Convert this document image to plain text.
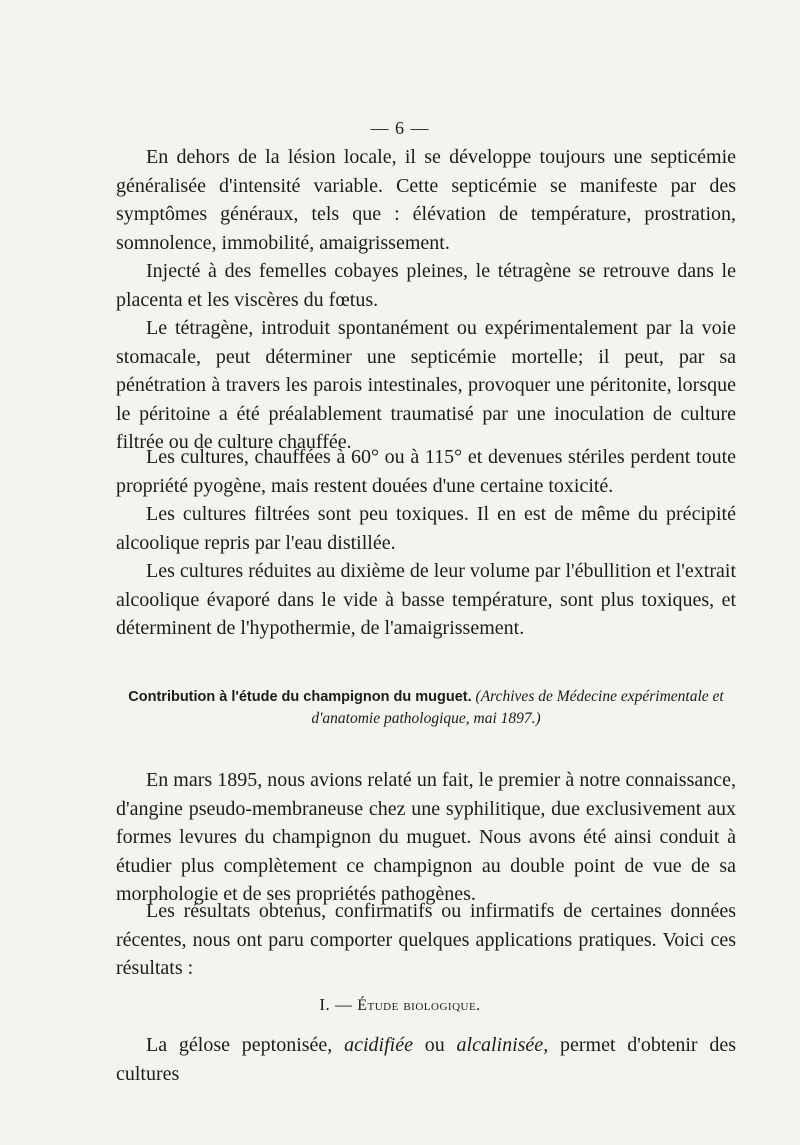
— 6 —

En dehors de la lésion locale, il se développe toujours une septicémie généralisée d'intensité variable. Cette septicémie se manifeste par des symptômes généraux, tels que : élévation de température, prostration, somnolence, immobilité, amaigrissement.

Injecté à des femelles cobayes pleines, le tétragène se retrouve dans le placenta et les viscères du fœtus.

Le tétragène, introduit spontanément ou expérimentalement par la voie stomacale, peut déterminer une septicémie mortelle; il peut, par sa pénétration à travers les parois intestinales, provoquer une péritonite, lorsque le péritoine a été préalablement traumatisé par une inoculation de culture filtrée ou de culture chauffée.

Les cultures, chauffées à 60° ou à 115° et devenues stériles perdent toute propriété pyogène, mais restent douées d'une certaine toxicité.

Les cultures filtrées sont peu toxiques. Il en est de même du précipité alcoolique repris par l'eau distillée.

Les cultures réduites au dixième de leur volume par l'ébullition et l'extrait alcoolique évaporé dans le vide à basse température, sont plus toxiques, et déterminent de l'hypothermie, de l'amaigrissement.

Contribution à l'étude du champignon du muguet. (Archives de Médecine expérimentale et d'anatomie pathologique, mai 1897.)

En mars 1895, nous avions relaté un fait, le premier à notre connaissance, d'angine pseudo-membraneuse chez une syphilitique, due exclusivement aux formes levures du champignon du muguet. Nous avons été ainsi conduit à étudier plus complètement ce champignon au double point de vue de sa morphologie et de ses propriétés pathogènes.

Les résultats obtenus, confirmatifs ou infirmatifs de certaines données récentes, nous ont paru comporter quelques applications pratiques. Voici ces résultats :

I. — Étude biologique.

La gélose peptonisée, acidifiée ou alcalinisée, permet d'obtenir des cultures
